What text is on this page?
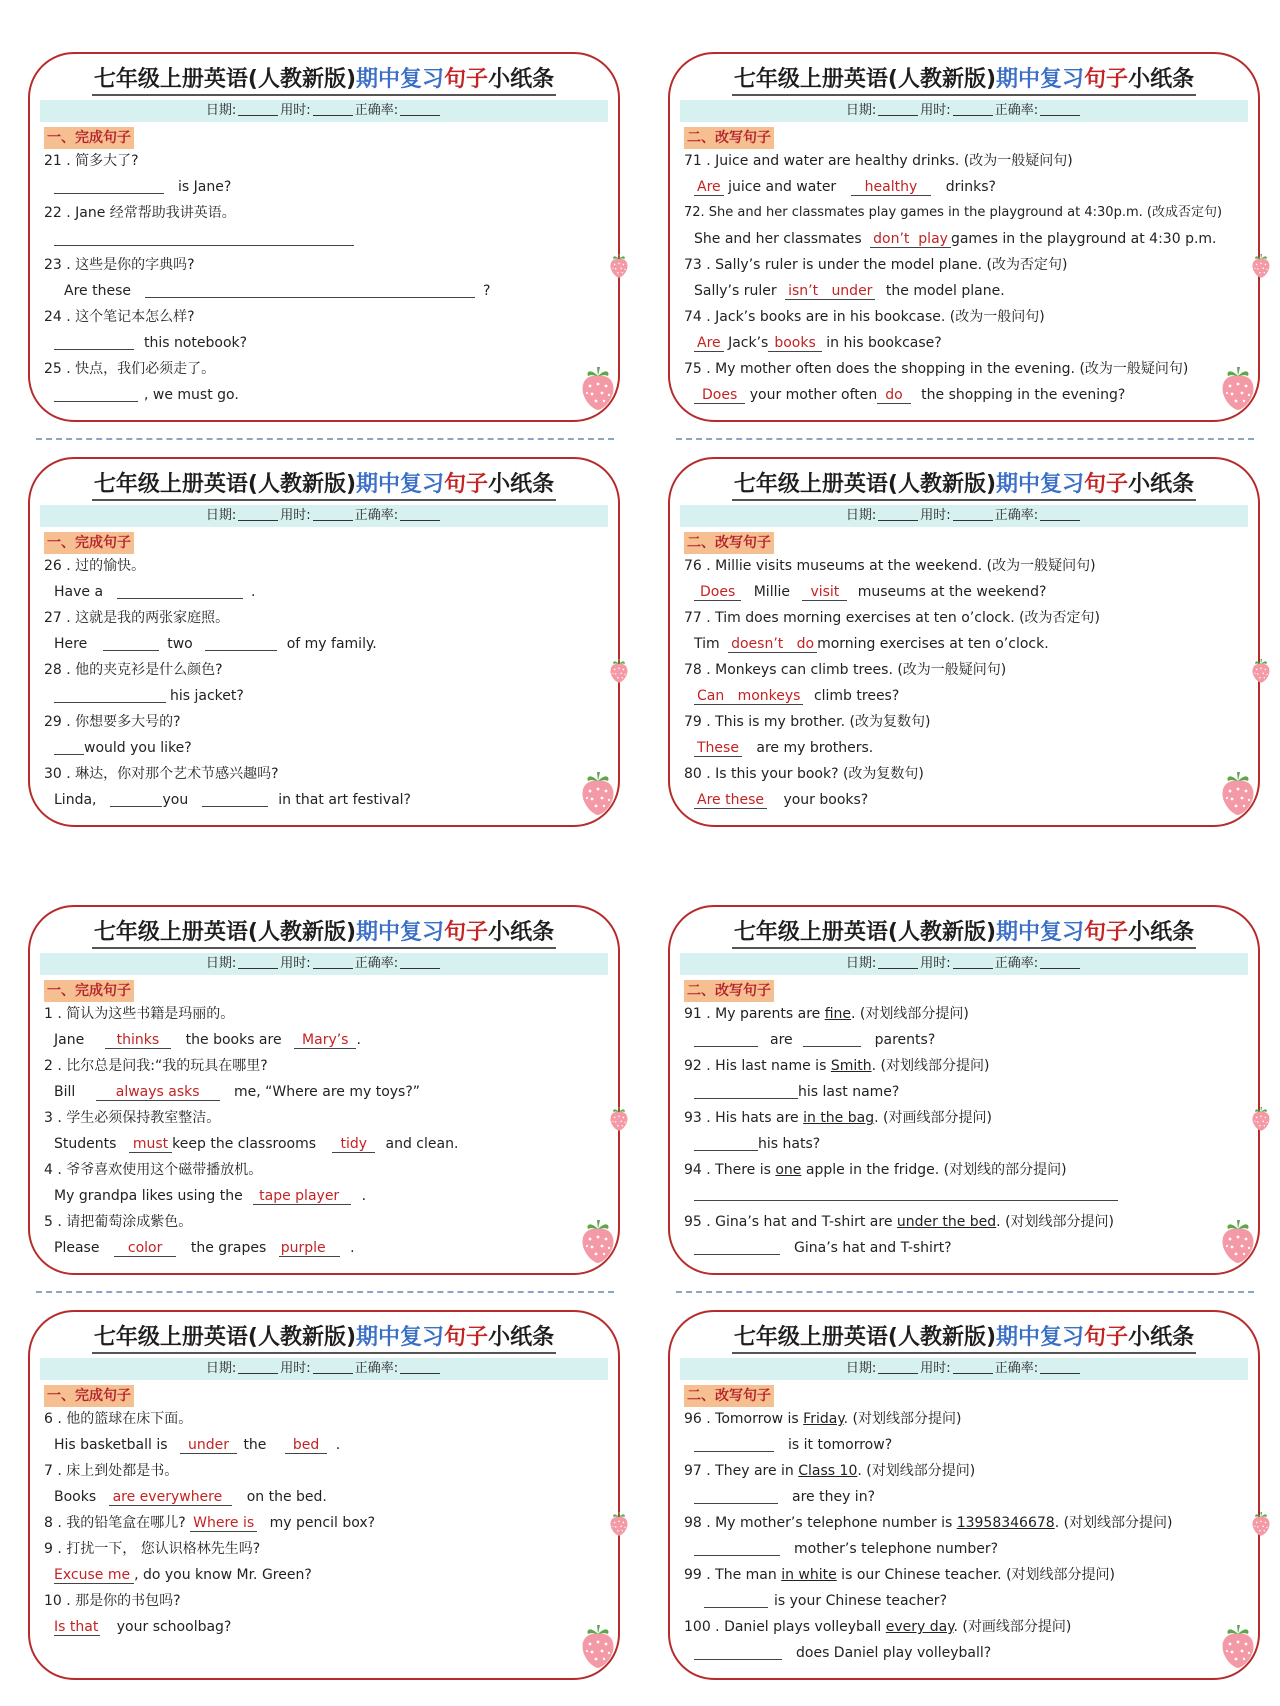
七年级上册英语(人教新版)期中复习句子小纸条
日期:	用时:	正确率:
一、完成句子
21 . 简多大了?
is Jane?
22 . Jane 经常帮助我讲英语。
23 . 这些是你的字典吗?
Are these	?
24 . 这个笔记本怎么样?
this notebook?
25 . 快点，我们必须走了。
, we must go.
七年级上册英语(人教新版)期中复习句子小纸条
日期:	用时:	正确率:
二、改写句子
71 . Juice and water are healthy drinks. (改为一般疑问句)
Are juice and water healthy drinks?
72. She and her classmates play games in the playground at 4:30p.m. (改成否定句)
She and her classmates don’t play games in the playground at 4:30 p.m.
73 . Sally’s ruler is under the model plane. (改为否定句)
Sally’s ruler isn’t under the model plane.
74 . Jack’s books are in his bookcase. (改为一般问句)
Are Jack’s books in his bookcase?
75 . My mother often does the shopping in the evening. (改为一般疑问句)
Does your mother often do the shopping in the evening?
七年级上册英语(人教新版)期中复习句子小纸条
日期:	用时:	正确率:
一、完成句子
26 . 过的愉快。
Have a	.
27 . 这就是我的两张家庭照。
Here	two	of my family.
28 . 他的夹克衫是什么颜色?
his jacket?
29 . 你想要多大号的?
would you like?
30 . 琳达，你对那个艺术节感兴趣吗?
Linda,	you	in that art festival?
七年级上册英语(人教新版)期中复习句子小纸条
日期:	用时:	正确率:
二、改写句子
76 . Millie visits museums at the weekend. (改为一般疑问句)
Does Millie visit museums at the weekend?
77 . Tim does morning exercises at ten o’clock. (改为否定句)
Tim doesn’t do morning exercises at ten o’clock.
78 . Monkeys can climb trees. (改为一般疑问句)
Can monkeys climb trees?
79 . This is my brother. (改为复数句)
These are my brothers.
80 . Is this your book? (改为复数句)
Are these your books?
七年级上册英语(人教新版)期中复习句子小纸条
日期:	用时:	正确率:
一、完成句子
1 . 简认为这些书籍是玛丽的。
Jane thinks the books are Mary’s .
2 . 比尔总是问我:“我的玩具在哪里?
Bill	always asks me, “Where are my toys?”
3 . 学生必须保持教室整洁。
Students must keep the classrooms tidy and clean.
4 . 爷爷喜欢使用这个磁带播放机。
My grandpa likes using the tape player .
5 . 请把葡萄涂成紫色。
Please color the grapes purple .
七年级上册英语(人教新版)期中复习句子小纸条
日期:	用时:	正确率:
二、改写句子
91 . My parents are fine. (对划线部分提问)
are	parents?
92 . His last name is Smith. (对划线部分提问)
his last name?
93 . His hats are in the bag. (对画线部分提问)
his hats?
94 . There is one apple in the fridge. (对划线的部分提问)
95 . Gina’s hat and T-shirt are under the bed. (对划线部分提问)
Gina’s hat and T-shirt?
七年级上册英语(人教新版)期中复习句子小纸条
日期:	用时:	正确率:
一、完成句子
6 . 他的篮球在床下面。
His basketball is under the bed .
7 . 床上到处都是书。
Books are everywhere on the bed.
8 . 我的铅笔盒在哪儿? Where is my pencil box?
9 . 打扰一下， 您认识格林先生吗?
Excuse me , do you know Mr. Green?
10 . 那是你的书包吗?
Is that your schoolbag?
七年级上册英语(人教新版)期中复习句子小纸条
日期:	用时:	正确率:
二、改写句子
96 . Tomorrow is Friday. (对划线部分提问)
is it tomorrow?
97 . They are in Class 10. (对划线部分提问)
are they in?
98 . My mother’s telephone number is 13958346678. (对划线部分提问)
mother’s telephone number?
99 . The man in white is our Chinese teacher. (对划线部分提问)
is your Chinese teacher?
100 . Daniel plays volleyball every day. (对画线部分提问)
does Daniel play volleyball?
